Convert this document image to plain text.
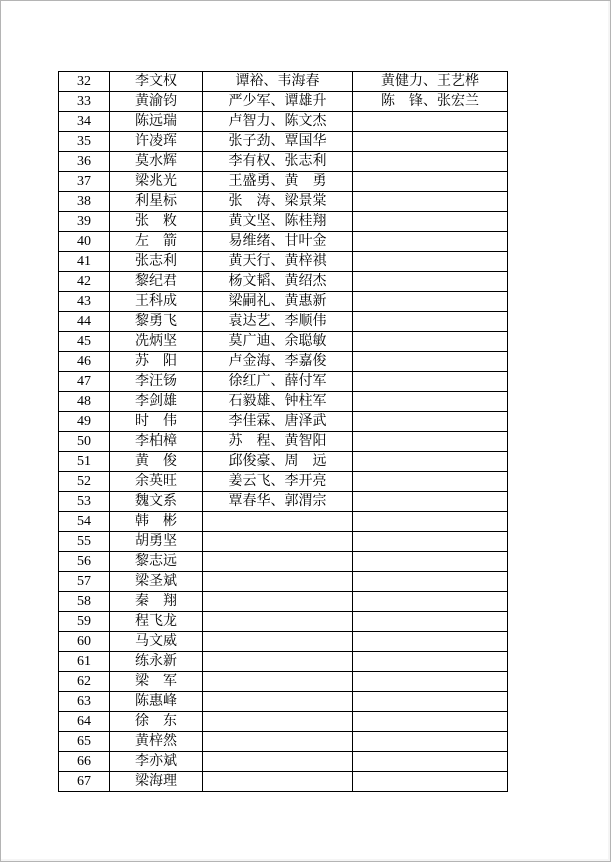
32	李文权	谭裕、韦海春	黄健力、王艺桦
33	黄渝钧	严少军、谭雄升	陈　锋、张宏兰
34	陈远瑞	卢智力、陈文杰	
35	许凌珲	张子劲、覃国华	
36	莫水辉	李有权、张志利	
37	梁兆光	王盛勇、黄　勇	
38	利星标	张　涛、梁景棠	
39	张　敉	黄文坚、陈桂翔	
40	左　箭	易维绪、甘叶金	
41	张志利	黄天行、黄梓祺	
42	黎纪君	杨文韬、黄绍杰	
43	王科成	梁嗣礼、黄惠新	
44	黎勇飞	袁达艺、李顺伟	
45	冼炳坚	莫广迪、余聪敏	
46	苏　阳	卢金海、李嘉俊	
47	李汪钖	徐红广、薛付军	
48	李剑雄	石毅雄、钟柱军	
49	时　伟	李佳霖、唐泽武	
50	李柏樟	苏　程、黄智阳	
51	黄　俊	邱俊豪、周　远	
52	余英旺	姜云飞、李开亮	
53	魏文系	覃春华、郭渭宗	
54	韩　彬		
55	胡勇坚		
56	黎志远		
57	梁圣斌		
58	秦　翔		
59	程飞龙		
60	马文威		
61	练永新		
62	梁　军		
63	陈惠峰		
64	徐　东		
65	黄梓然		
66	李亦斌		
67	梁海理		
